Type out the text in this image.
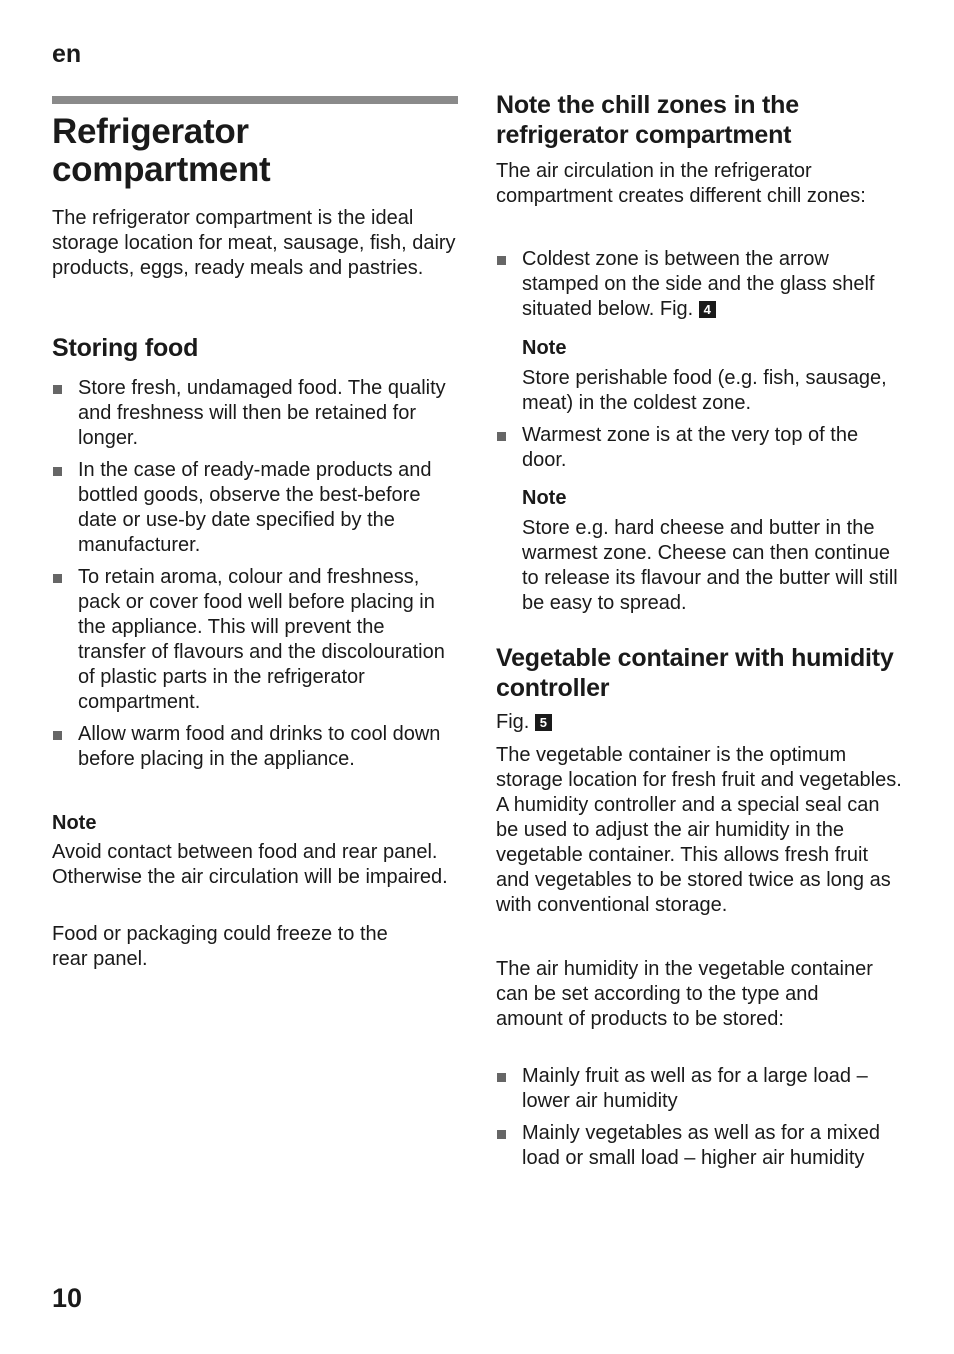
en
Refrigerator
compartment

The refrigerator compartment is the ideal storage location for meat, sausage, fish, dairy products, eggs, ready meals and pastries.

Storing food
Store fresh, undamaged food. The quality and freshness will then be retained for longer.
In the case of ready-made products and bottled goods, observe the best-before date or use-by date specified by the manufacturer.
To retain aroma, colour and freshness, pack or cover food well before placing in the appliance. This will prevent the transfer of flavours and the discolouration of plastic parts in the refrigerator compartment.
Allow warm food and drinks to cool down before placing in the appliance.
Note

Avoid contact between food and rear panel. Otherwise the air circulation will be impaired.

Food or packaging could freeze to the rear panel.

Note the chill zones in the refrigerator compartment

The air circulation in the refrigerator compartment creates different chill zones:

Coldest zone is between the arrow stamped on the side and the glass shelf situated below. Fig. 4
Note

Store perishable food (e.g. fish, sausage, meat) in the coldest zone.

Warmest zone is at the very top of the door.
Note

Store e.g. hard cheese and butter in the warmest zone. Cheese can then continue to release its flavour and the butter will still be easy to spread.

Vegetable container with humidity controller

Fig. 5

The vegetable container is the optimum storage location for fresh fruit and vegetables. A humidity controller and a special seal can be used to adjust the air humidity in the vegetable container. This allows fresh fruit and vegetables to be stored twice as long as with conventional storage.

The air humidity in the vegetable container can be set according to the type and amount of products to be stored:

Mainly fruit as well as for a large load – lower air humidity
Mainly vegetables as well as for a mixed load or small load – higher air humidity
10
